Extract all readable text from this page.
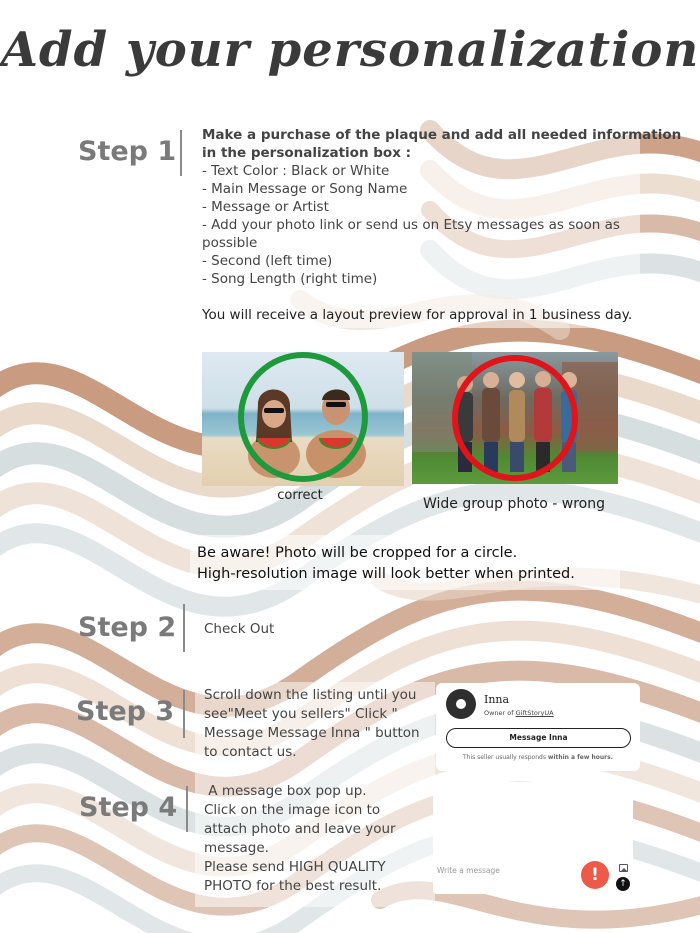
Add your personalization
Step 1
Make a purchase of the plaque and add all needed information
in the personalization box :
- Text Color : Black or White
- Main Message or Song Name
- Message or Artist
- Add your photo link or send us on Etsy messages as soon as
possible
- Second (left time)
- Song Length (right time)
You will receive a layout preview for approval in 1 business day.
correct
Wide group photo - wrong
Be aware! Photo will be cropped for a circle.
High-resolution image will look better when printed.
Step 2 Check Out
Step 3
Scroll down the listing until you
see"Meet you sellers" Click "
Message Message Inna " button
to contact us.
Inna
Owner of GiftStoryUA
Message Inna
This seller usually responds within a few hours.
Step 4
A message box pop up.
Click on the image icon to
attach photo and leave your
message.
Please send HIGH QUALITY
PHOTO for the best result.
Write a message	!	↑
